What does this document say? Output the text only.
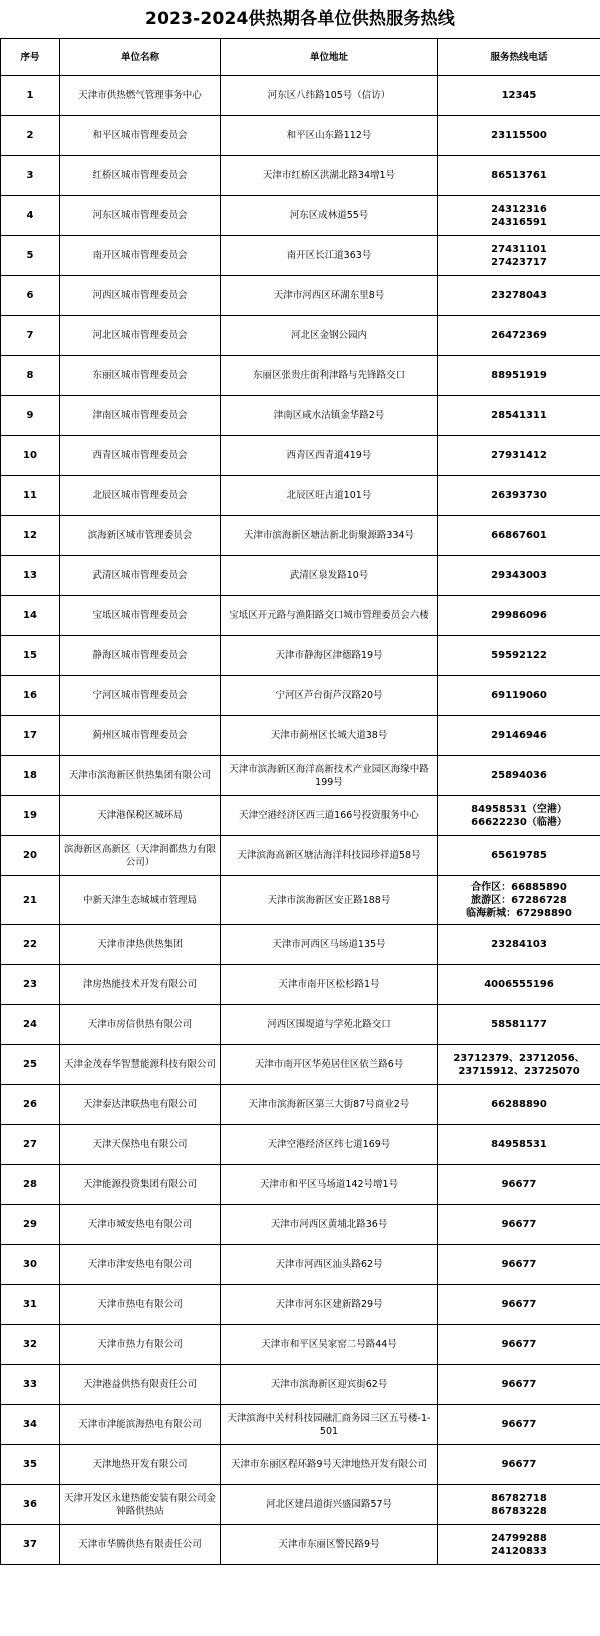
2023-2024供热期各单位供热服务热线
序号	单位名称	单位地址	服务热线电话
1	天津市供热燃气管理事务中心	河东区八纬路105号（信访）	12345

2	和平区城市管理委员会	和平区山东路112号	23115500

3	红桥区城市管理委员会	天津市红桥区洪湖北路34增1号	86513761

4	河东区城市管理委员会	河东区成林道55号	24312316
24316591

5	南开区城市管理委员会	南开区长江道363号	27431101
27423717

6	河西区城市管理委员会	天津市河西区环湖东里8号	23278043

7	河北区城市管理委员会	河北区金钢公园内	26472369

8	东丽区城市管理委员会	东丽区张贵庄街利津路与先锋路交口	88951919

9	津南区城市管理委员会	津南区咸水沽镇金华路2号	28541311

10	西青区城市管理委员会	西青区西青道419号	27931412

11	北辰区城市管理委员会	北辰区旺古道101号	26393730

12	滨海新区城市管理委员会	天津市滨海新区塘沽新北街聚源路334号	66867601

13	武清区城市管理委员会	武清区泉发路10号	29343003

14	宝坻区城市管理委员会	宝坻区开元路与渔阳路交口城市管理委员会六楼	29986096

15	静海区城市管理委员会	天津市静海区津德路19号	59592122

16	宁河区城市管理委员会	宁河区芦台街芦汉路20号	69119060

17	蓟州区城市管理委员会	天津市蓟州区长城大道38号	29146946

18	天津市滨海新区供热集团有限公司	天津市滨海新区海洋高新技术产业园区海缘中路199号	25894036

19	天津港保税区城环局	天津空港经济区西三道166号投资服务中心	84958531（空港）
66622230（临港）

20	滨海新区高新区（天津润都热力有限公司）	天津滨海高新区塘沽海洋科技园珍祥道58号	65619785

21	中新天津生态城城市管理局	天津市滨海新区安正路188号	合作区：66885890
旅游区：67286728
临海新城：67298890

22	天津市津热供热集团	天津市河西区马场道135号	23284103

23	津房热能技术开发有限公司	天津市南开区松杉路1号	4006555196

24	天津市房信供热有限公司	河西区围堤道与学苑北路交口	58581177

25	天津金茂春华智慧能源科技有限公司	天津市南开区华苑居住区依兰路6号	23712379、23712056、
23715912、23725070

26	天津泰达津联热电有限公司	天津市滨海新区第三大街87号商业2号	66288890

27	天津天保热电有限公司	天津空港经济区纬七道169号	84958531

28	天津能源投资集团有限公司	天津市和平区马场道142号增1号	96677

29	天津市城安热电有限公司	天津市河西区黄埔北路36号	96677

30	天津市津安热电有限公司	天津市河西区汕头路62号	96677

31	天津市热电有限公司	天津市河东区建新路29号	96677

32	天津市热力有限公司	天津市和平区吴家窑二号路44号	96677

33	天津港益供热有限责任公司	天津市滨海新区迎宾街62号	96677

34	天津市津能滨海热电有限公司	天津滨海中关村科技园融汇商务园三区五号楼-1-501	96677

35	天津地热开发有限公司	天津市东丽区程环路9号天津地热开发有限公司	96677

36	天津开发区永建热能安装有限公司金钟路供热站	河北区建昌道街兴盛园路57号	86782718
86783228

37	天津市华腾供热有限责任公司	天津市东丽区警民路9号	24799288
24120833
